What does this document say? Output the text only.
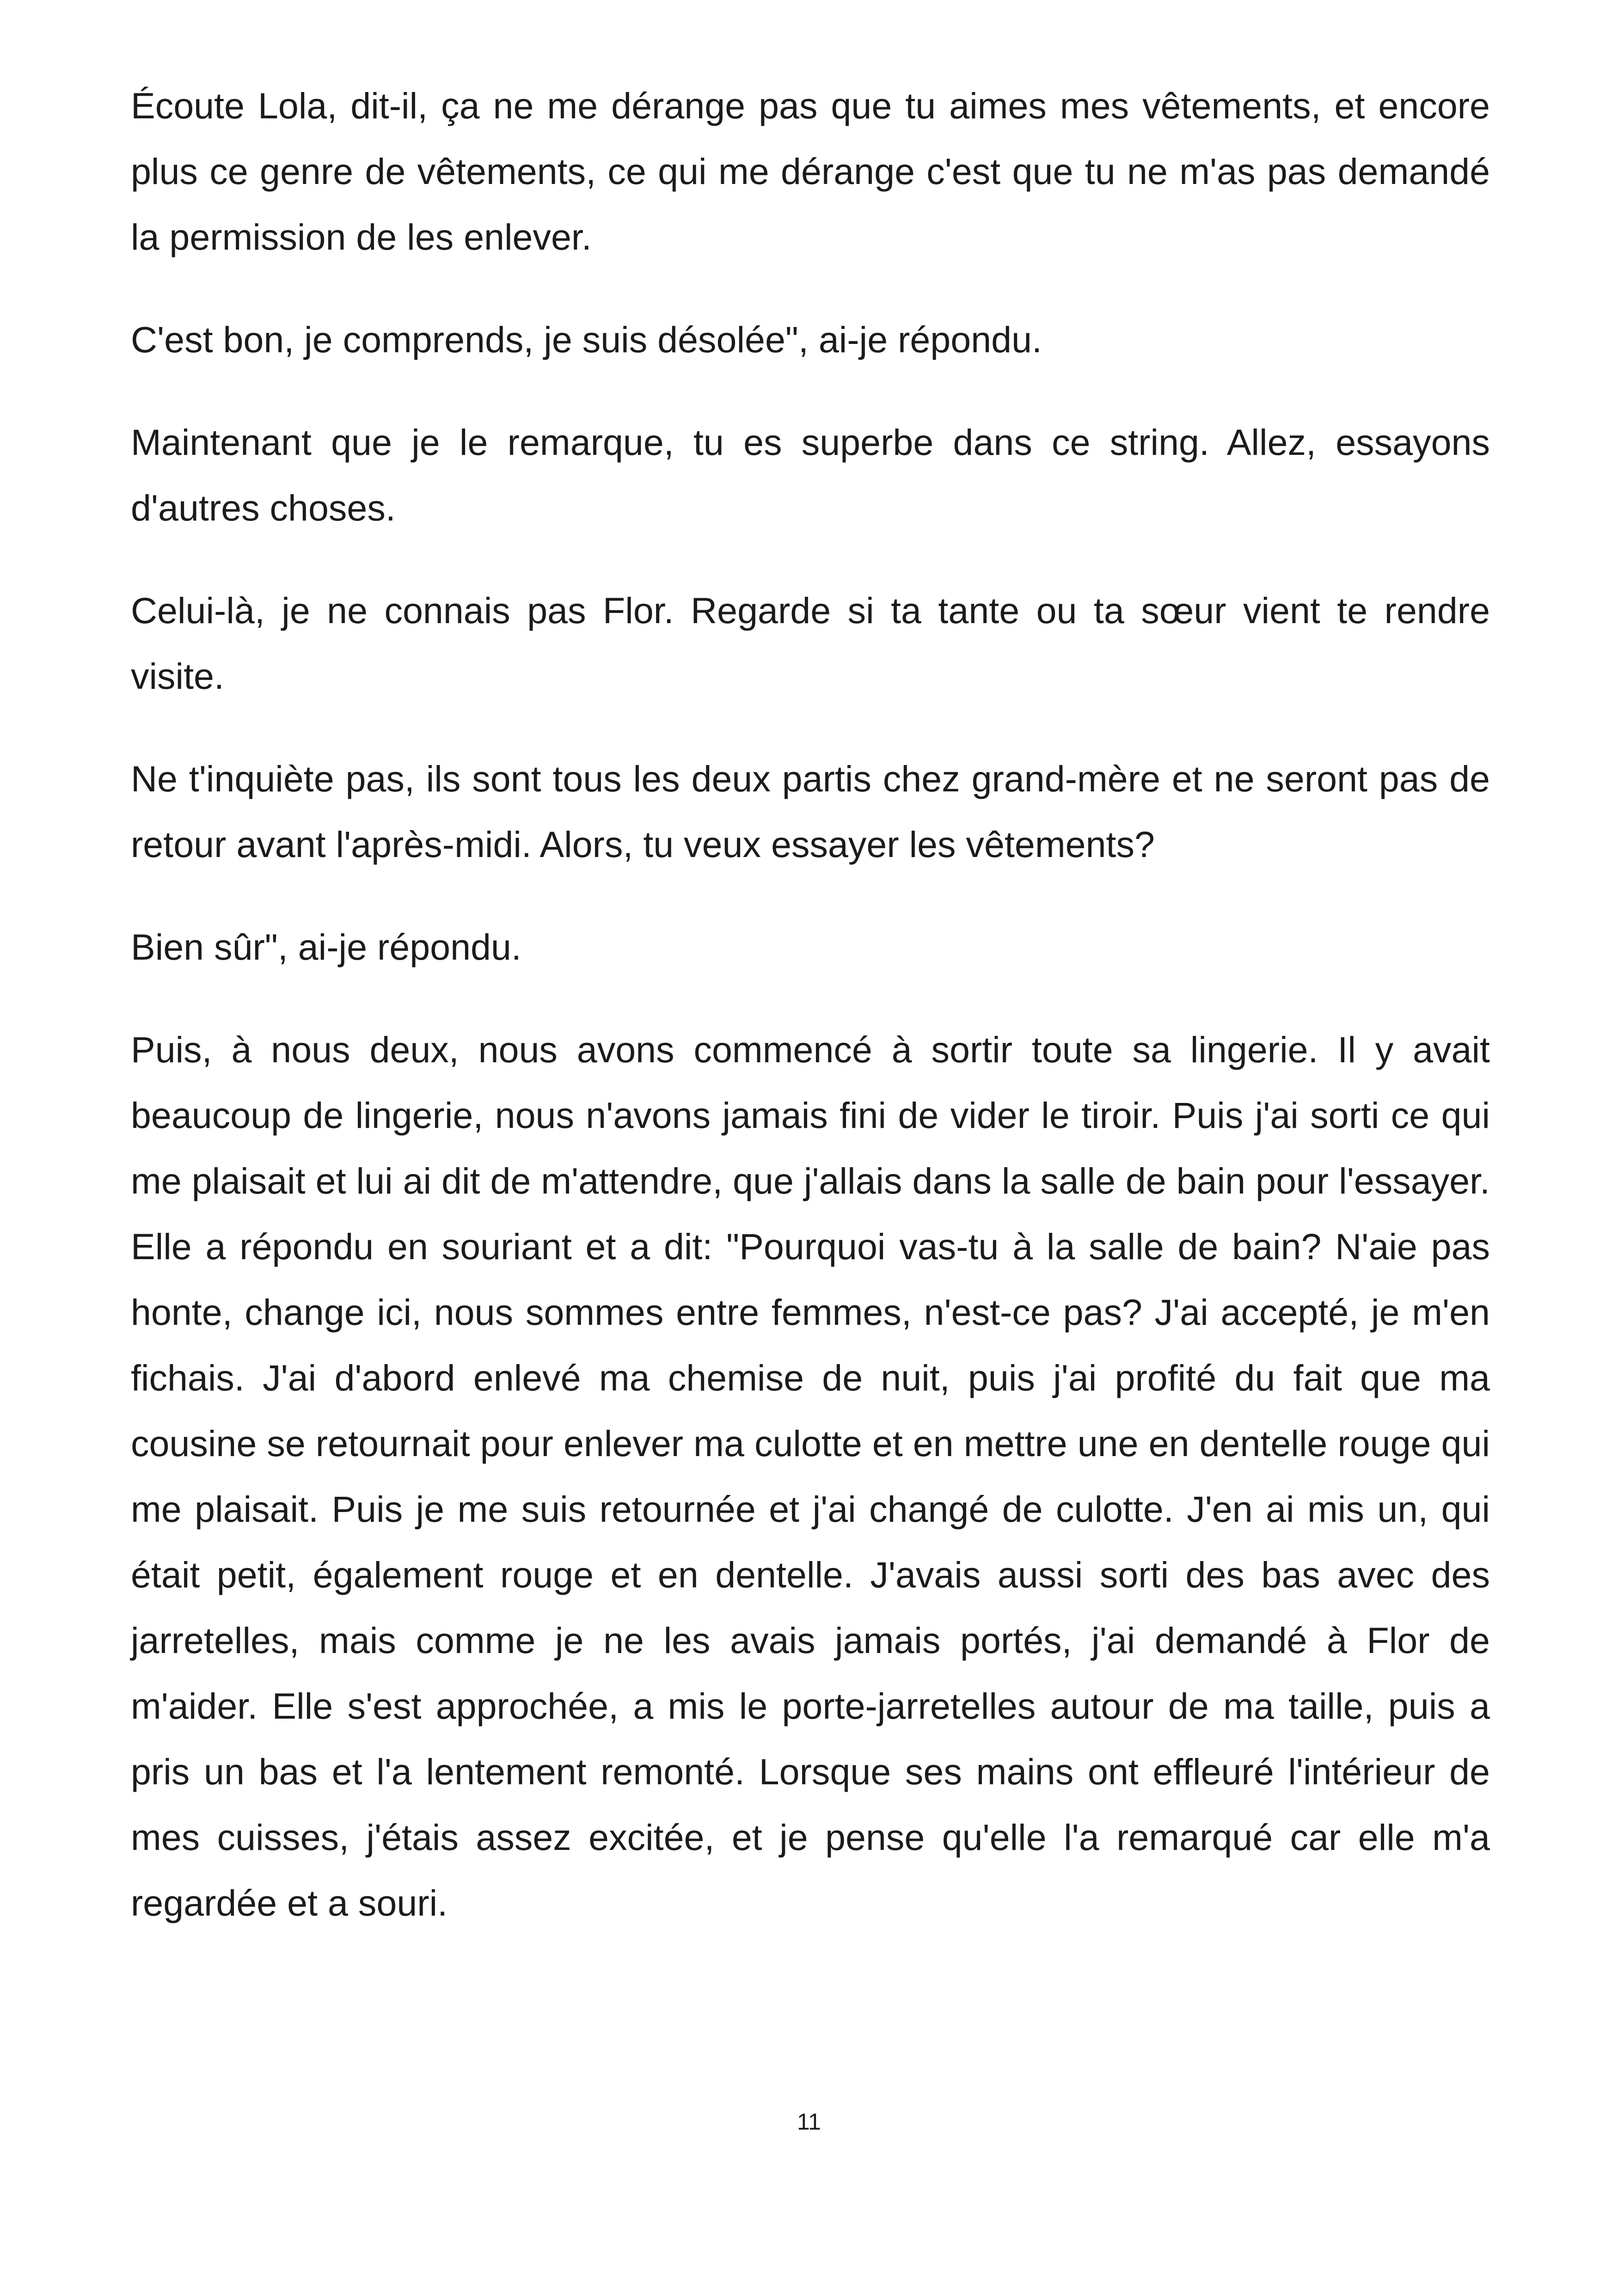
Écoute Lola, dit-il, ça ne me dérange pas que tu aimes mes vêtements, et encore plus ce genre de vêtements, ce qui me dérange c'est que tu ne m'as pas demandé la permission de les enlever.

C'est bon, je comprends, je suis désolée", ai-je répondu.

Maintenant que je le remarque, tu es superbe dans ce string. Allez, essayons d'autres choses.

Celui-là, je ne connais pas Flor. Regarde si ta tante ou ta sœur vient te rendre visite.

Ne t'inquiète pas, ils sont tous les deux partis chez grand-mère et ne seront pas de retour avant l'après-midi. Alors, tu veux essayer les vêtements?

Bien sûr", ai-je répondu.

Puis, à nous deux, nous avons commencé à sortir toute sa lingerie. Il y avait beaucoup de lingerie, nous n'avons jamais fini de vider le tiroir. Puis j'ai sorti ce qui me plaisait et lui ai dit de m'attendre, que j'allais dans la salle de bain pour l'essayer. Elle a répondu en souriant et a dit: "Pourquoi vas-tu à la salle de bain? N'aie pas honte, change ici, nous sommes entre femmes, n'est-ce pas? J'ai accepté, je m'en fichais. J'ai d'abord enlevé ma chemise de nuit, puis j'ai profité du fait que ma cousine se retournait pour enlever ma culotte et en mettre une en dentelle rouge qui me plaisait. Puis je me suis retournée et j'ai changé de culotte. J'en ai mis un, qui était petit, également rouge et en dentelle. J'avais aussi sorti des bas avec des jarretelles, mais comme je ne les avais jamais portés, j'ai demandé à Flor de m'aider. Elle s'est approchée, a mis le porte-jarretelles autour de ma taille, puis a pris un bas et l'a lentement remonté. Lorsque ses mains ont effleuré l'intérieur de mes cuisses, j'étais assez excitée, et je pense qu'elle l'a remarqué car elle m'a regardée et a souri.

11
